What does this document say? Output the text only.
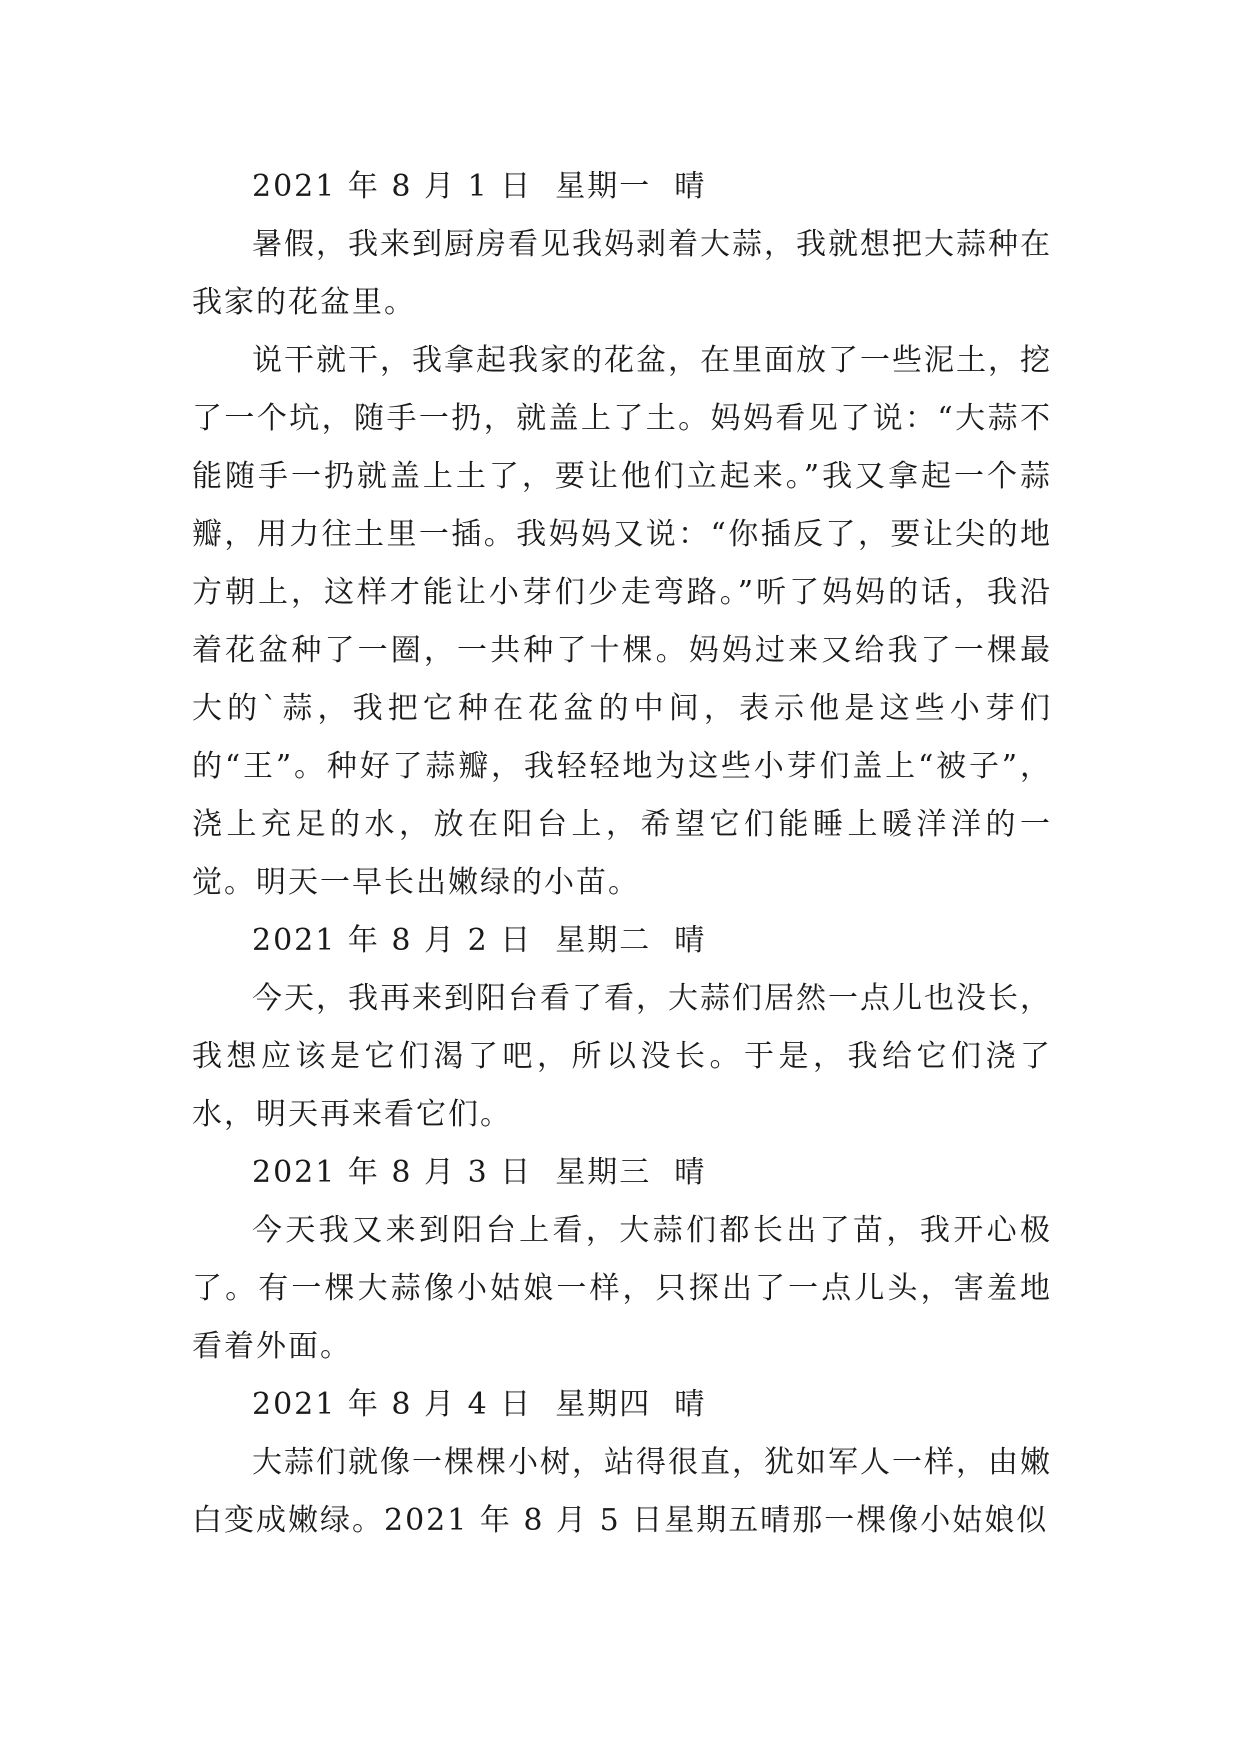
2021 年 8 月 1 日  星期一  晴

暑假，我来到厨房看见我妈剥着大蒜，我就想把大蒜种在我家的花盆里。

说干就干，我拿起我家的花盆，在里面放了一些泥土，挖了一个坑，随手一扔，就盖上了土。妈妈看见了说：“大蒜不能随手一扔就盖上土了，要让他们立起来。”我又拿起一个蒜瓣，用力往土里一插。我妈妈又说：“你插反了，要让尖的地方朝上，这样才能让小芽们少走弯路。”听了妈妈的话，我沿着花盆种了一圈，一共种了十棵。妈妈过来又给我了一棵最大的`蒜，我把它种在花盆的中间，表示他是这些小芽们的“王”。种好了蒜瓣，我轻轻地为这些小芽们盖上“被子”，浇上充足的水，放在阳台上，希望它们能睡上暖洋洋的一觉。明天一早长出嫩绿的小苗。

2021 年 8 月 2 日  星期二  晴

今天，我再来到阳台看了看，大蒜们居然一点儿也没长，我想应该是它们渴了吧，所以没长。于是，我给它们浇了水，明天再来看它们。

2021 年 8 月 3 日  星期三  晴

今天我又来到阳台上看，大蒜们都长出了苗，我开心极了。有一棵大蒜像小姑娘一样，只探出了一点儿头，害羞地看着外面。

2021 年 8 月 4 日  星期四  晴

大蒜们就像一棵棵小树，站得很直，犹如军人一样，由嫩白变成嫩绿。2021 年 8 月 5 日星期五晴那一棵像小姑娘似
